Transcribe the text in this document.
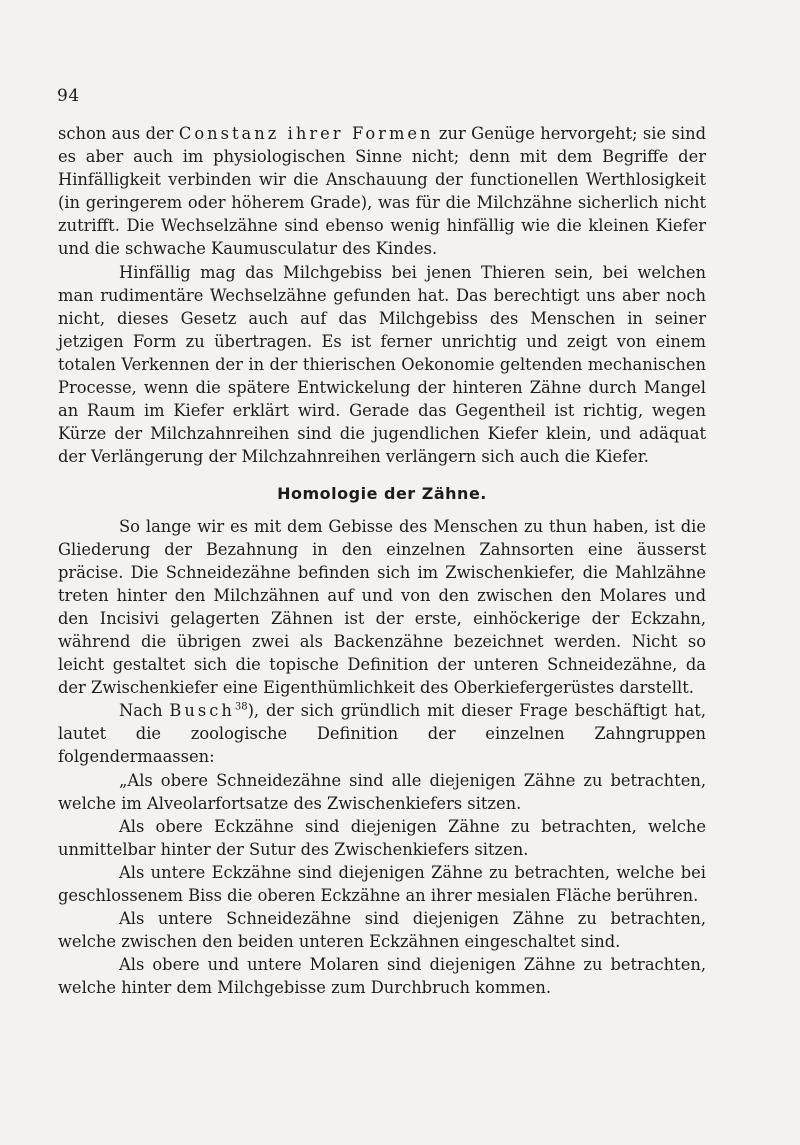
94

schon aus der Constanz ihrer Formen zur Genüge hervorgeht; sie sind es aber auch im physiologischen Sinne nicht; denn mit dem Begriffe der Hinfälligkeit verbinden wir die Anschauung der functionellen Werthlosigkeit (in geringerem oder höherem Grade), was für die Milchzähne sicherlich nicht zutrifft. Die Wechselzähne sind ebenso wenig hinfällig wie die kleinen Kiefer und die schwache Kaumusculatur des Kindes.

Hinfällig mag das Milchgebiss bei jenen Thieren sein, bei welchen man rudimentäre Wechselzähne gefunden hat. Das berechtigt uns aber noch nicht, dieses Gesetz auch auf das Milchgebiss des Menschen in seiner jetzigen Form zu übertragen. Es ist ferner unrichtig und zeigt von einem totalen Verkennen der in der thierischen Oekonomie geltenden mechanischen Processe, wenn die spätere Entwickelung der hinteren Zähne durch Mangel an Raum im Kiefer erklärt wird. Gerade das Gegentheil ist richtig, wegen Kürze der Milchzahnreihen sind die jugendlichen Kiefer klein, und adäquat der Verlängerung der Milchzahnreihen verlängern sich auch die Kiefer.

Homologie der Zähne.

So lange wir es mit dem Gebisse des Menschen zu thun haben, ist die Gliederung der Bezahnung in den einzelnen Zahnsorten eine äusserst präcise. Die Schneidezähne befinden sich im Zwischenkiefer, die Mahlzähne treten hinter den Milchzähnen auf und von den zwischen den Molares und den Incisivi gelagerten Zähnen ist der erste, einhöckerige der Eckzahn, während die übrigen zwei als Backenzähne bezeichnet werden. Nicht so leicht gestaltet sich die topische Definition der unteren Schneidezähne, da der Zwischenkiefer eine Eigenthümlichkeit des Oberkiefergerüstes darstellt.

Nach Busch$^{38}$), der sich gründlich mit dieser Frage beschäftigt hat, lautet die zoologische Definition der einzelnen Zahngruppen folgendermaassen:

„Als obere Schneidezähne sind alle diejenigen Zähne zu betrachten, welche im Alveolarfortsatze des Zwischenkiefers sitzen.

Als obere Eckzähne sind diejenigen Zähne zu betrachten, welche unmittelbar hinter der Sutur des Zwischenkiefers sitzen.

Als untere Eckzähne sind diejenigen Zähne zu betrachten, welche bei geschlossenem Biss die oberen Eckzähne an ihrer mesialen Fläche berühren.

Als untere Schneidezähne sind diejenigen Zähne zu betrachten, welche zwischen den beiden unteren Eckzähnen eingeschaltet sind.

Als obere und untere Molaren sind diejenigen Zähne zu betrachten, welche hinter dem Milchgebisse zum Durchbruch kommen.
